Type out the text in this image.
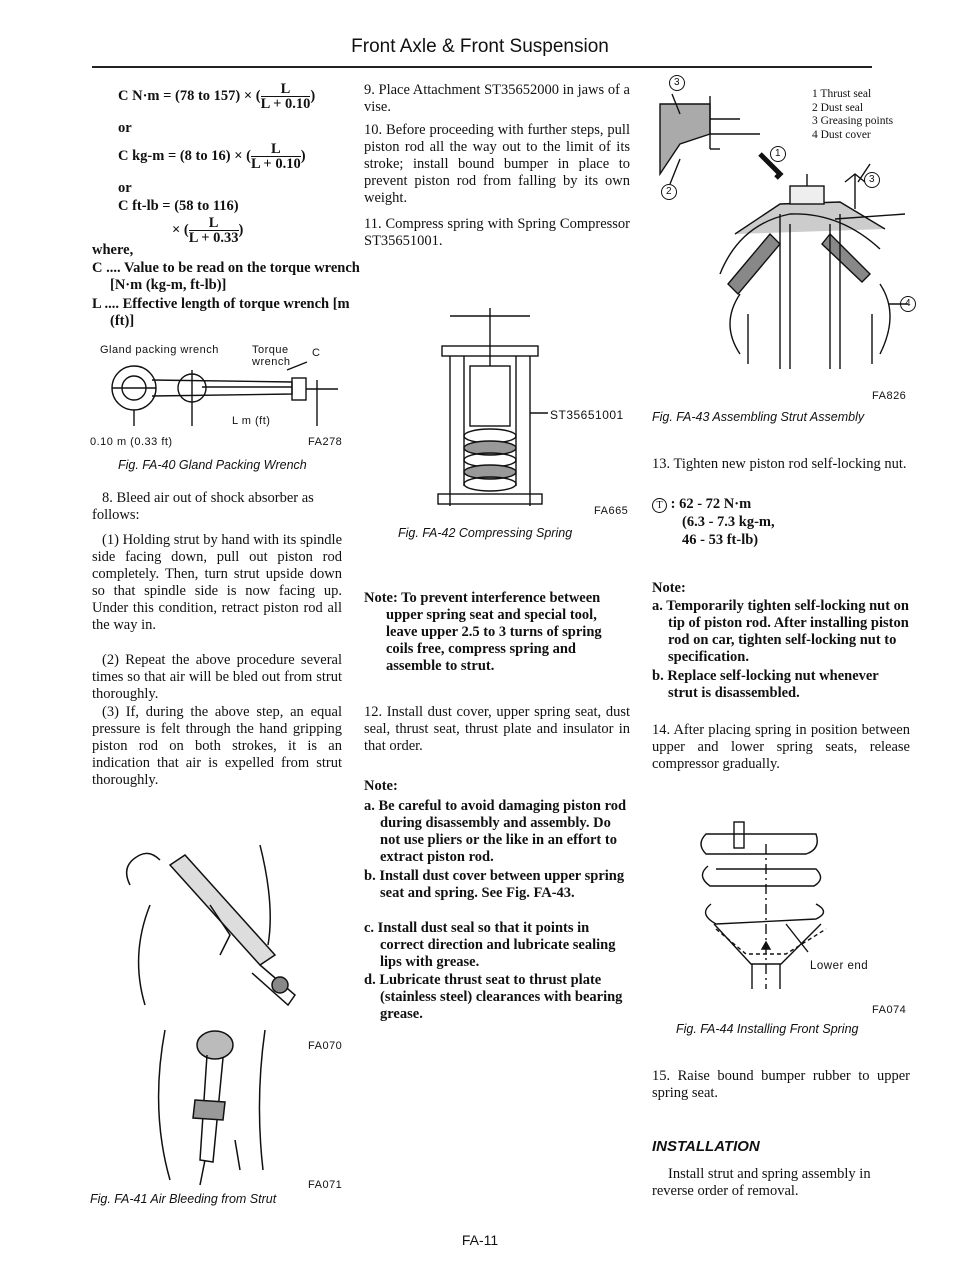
Front Axle & Front Suspension
C N·m = (78 to 157) × ( $\frac{L}{L + 0.10}$ )
or
C kg-m = (8 to 16) × ( $\frac{L}{L + 0.10}$ )
or
C ft-lb = (58 to 116)
× ( $\frac{L}{L + 0.33}$ )
where,
C .... Value to be read on the torque wrench [N·m (kg-m, ft-lb)]
L .... Effective length of torque wrench [m (ft)]
Gland packing wrench	Torque wrench
C
L m (ft)
0.10 m (0.33 ft)	FA278
Fig. FA-40 Gland Packing Wrench
8. Bleed air out of shock absorber as follows:
(1) Holding strut by hand with its spindle side facing down, pull out piston rod completely. Then, turn strut upside down so that spindle side is now facing up. Under this condition, retract piston rod all the way in.
(2) Repeat the above procedure several times so that air will be bled out from strut thoroughly.
(3) If, during the above step, an equal pressure is felt through the hand gripping piston rod on both strokes, it is an indication that air is expelled from strut thoroughly.
FA070
FA071
Fig. FA-41 Air Bleeding from Strut
9. Place Attachment ST35652000 in jaws of a vise.
10. Before proceeding with further steps, pull piston rod all the way out to the limit of its stroke; install bound bumper in place to prevent piston rod from falling by its own weight.
11. Compress spring with Spring Compressor ST35651001.
ST35651001
FA665
Fig. FA-42 Compressing Spring
Note: To prevent interference between upper spring seat and special tool, leave upper 2.5 to 3 turns of spring coils free, compress spring and assemble to strut.
12. Install dust cover, upper spring seat, dust seal, thrust seat, thrust plate and insulator in that order.
Note:
a. Be careful to avoid damaging piston rod during disassembly and assembly. Do not use pliers or the like in an effort to extract piston rod.
b. Install dust cover between upper spring seat and spring. See Fig. FA-43.
c. Install dust seal so that it points in correct direction and lubricate sealing lips with grease.
d. Lubricate thrust seat to thrust plate (stainless steel) clearances with bearing grease.
3
1
2
3
4
1 Thrust seal
2 Dust seal
3 Greasing points
4 Dust cover
FA826
Fig. FA-43 Assembling Strut Assembly
13. Tighten new piston rod self-locking nut.
T : 62 - 72 N·m
(6.3 - 7.3 kg-m,
46 - 53 ft-lb)
Note:
a. Temporarily tighten self-locking nut on tip of piston rod. After installing piston rod on car, tighten self-locking nut to specification.
b. Replace self-locking nut whenever strut is disassembled.
14. After placing spring in position between upper and lower spring seats, release compressor gradually.
Lower end
FA074
Fig. FA-44 Installing Front Spring
15. Raise bound bumper rubber to upper spring seat.
INSTALLATION
Install strut and spring assembly in reverse order of removal.
FA-11
